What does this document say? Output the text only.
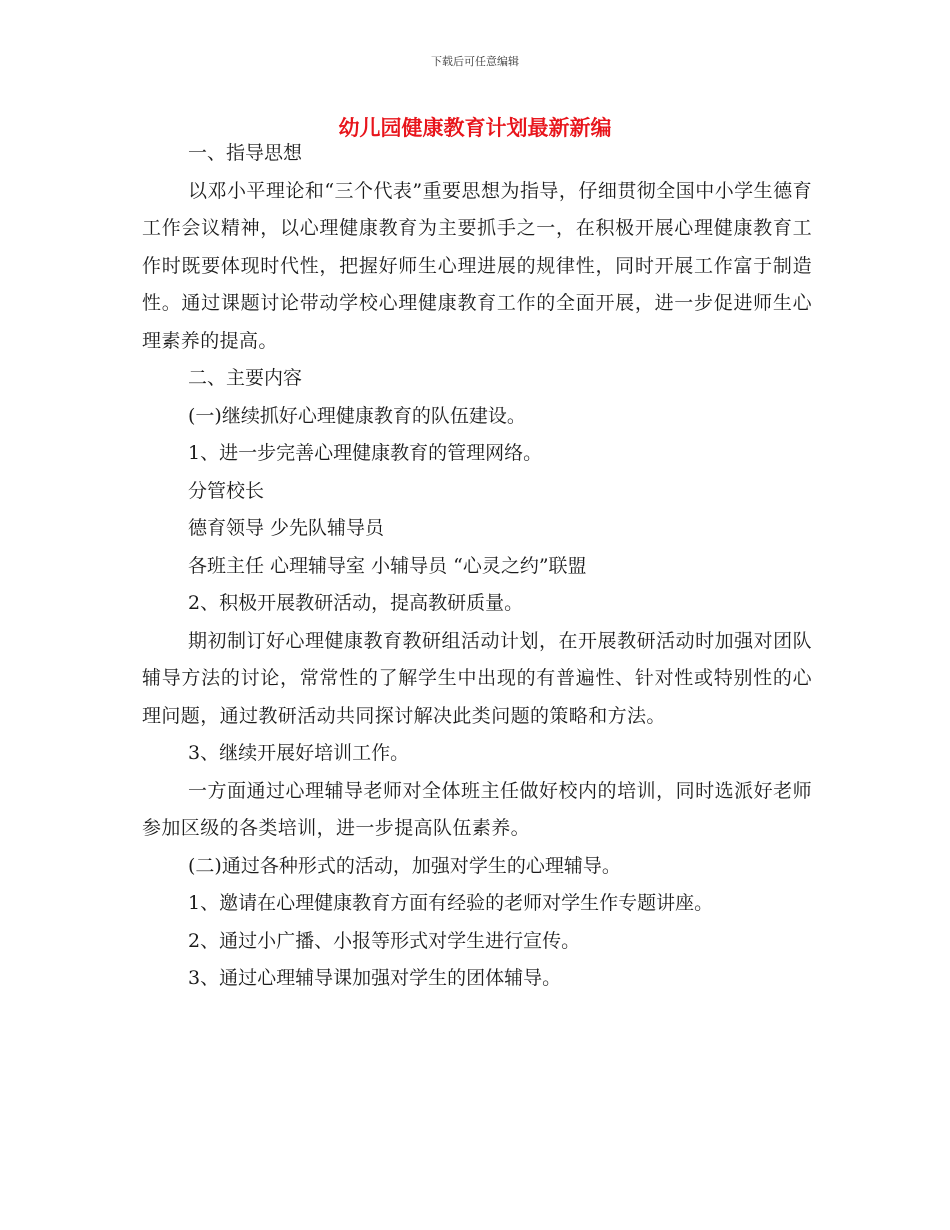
下载后可任意编辑
幼儿园健康教育计划最新新编

一、指导思想

以邓小平理论和“三个代表”重要思想为指导，仔细贯彻全国中小学生德育工作会议精神，以心理健康教育为主要抓手之一，在积极开展心理健康教育工作时既要体现时代性，把握好师生心理进展的规律性，同时开展工作富于制造性。通过课题讨论带动学校心理健康教育工作的全面开展，进一步促进师生心理素养的提高。

二、主要内容

(一)继续抓好心理健康教育的队伍建设。

1、进一步完善心理健康教育的管理网络。

分管校长

德育领导 少先队辅导员

各班主任 心理辅导室 小辅导员 “心灵之约”联盟

2、积极开展教研活动，提高教研质量。

期初制订好心理健康教育教研组活动计划，在开展教研活动时加强对团队辅导方法的讨论，常常性的了解学生中出现的有普遍性、针对性或特别性的心理问题，通过教研活动共同探讨解决此类问题的策略和方法。

3、继续开展好培训工作。

一方面通过心理辅导老师对全体班主任做好校内的培训，同时选派好老师参加区级的各类培训，进一步提高队伍素养。

(二)通过各种形式的活动，加强对学生的心理辅导。

1、邀请在心理健康教育方面有经验的老师对学生作专题讲座。

2、通过小广播、小报等形式对学生进行宣传。

3、通过心理辅导课加强对学生的团体辅导。
